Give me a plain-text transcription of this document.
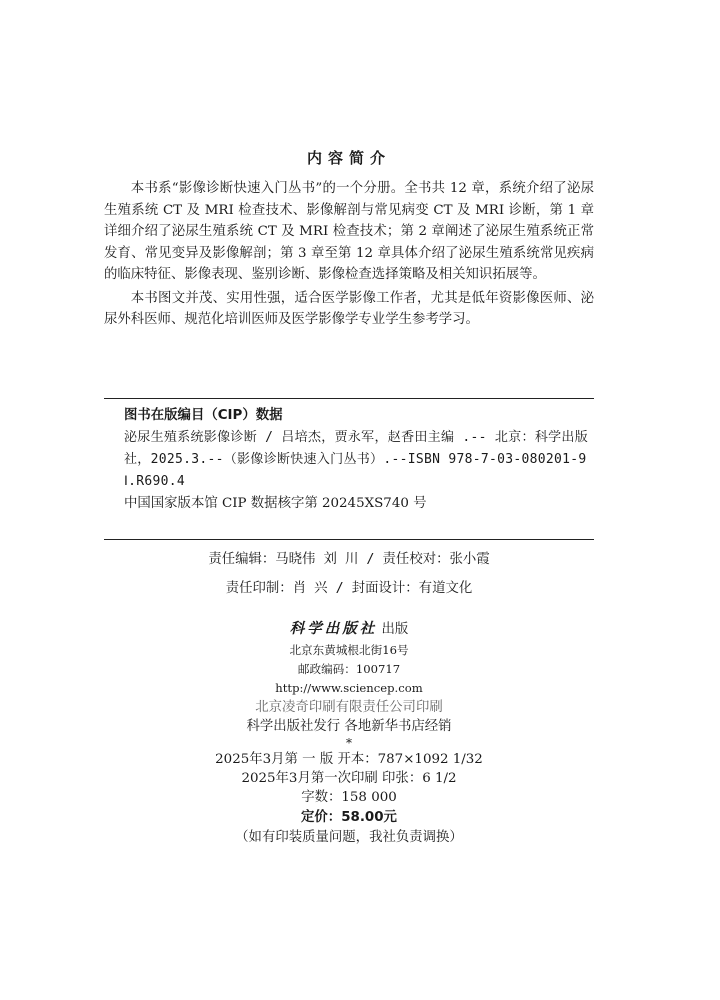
内容简介

本书系“影像诊断快速入门丛书”的一个分册。全书共 12 章，系统介绍了泌尿生殖系统 CT 及 MRI 检查技术、影像解剖与常见病变 CT 及 MRI 诊断，第 1 章详细介绍了泌尿生殖系统 CT 及 MRI 检查技术；第 2 章阐述了泌尿生殖系统正常发育、常见变异及影像解剖；第 3 章至第 12 章具体介绍了泌尿生殖系统常见疾病的临床特征、影像表现、鉴别诊断、影像检查选择策略及相关知识拓展等。

本书图文并茂、实用性强，适合医学影像工作者，尤其是低年资影像医师、泌尿外科医师、规范化培训医师及医学影像学专业学生参考学习。

图书在版编目（CIP）数据
泌尿生殖系统影像诊断 / 吕培杰，贾永军，赵香田主编 .-- 北京：科学出版社，2025.3.--（影像诊断快速入门丛书）.--ISBN 978-7-03-080201-9
Ⅰ.R690.4
中国国家版本馆 CIP 数据核字第 20245XS740 号
责任编辑：马晓伟 刘 川 / 责任校对：张小霞
责任印制：肖 兴 / 封面设计：有道文化
科学出版社 出版
北京东黄城根北街16号
邮政编码：100717
http://www.sciencep.com
北京凌奇印刷有限责任公司印刷
科学出版社发行 各地新华书店经销
*
2025年3月第 一 版 开本：787×1092 1/32
2025年3月第一次印刷 印张：6 1/2
字数：158 000
定价：58.00元
（如有印装质量问题，我社负责调换）
